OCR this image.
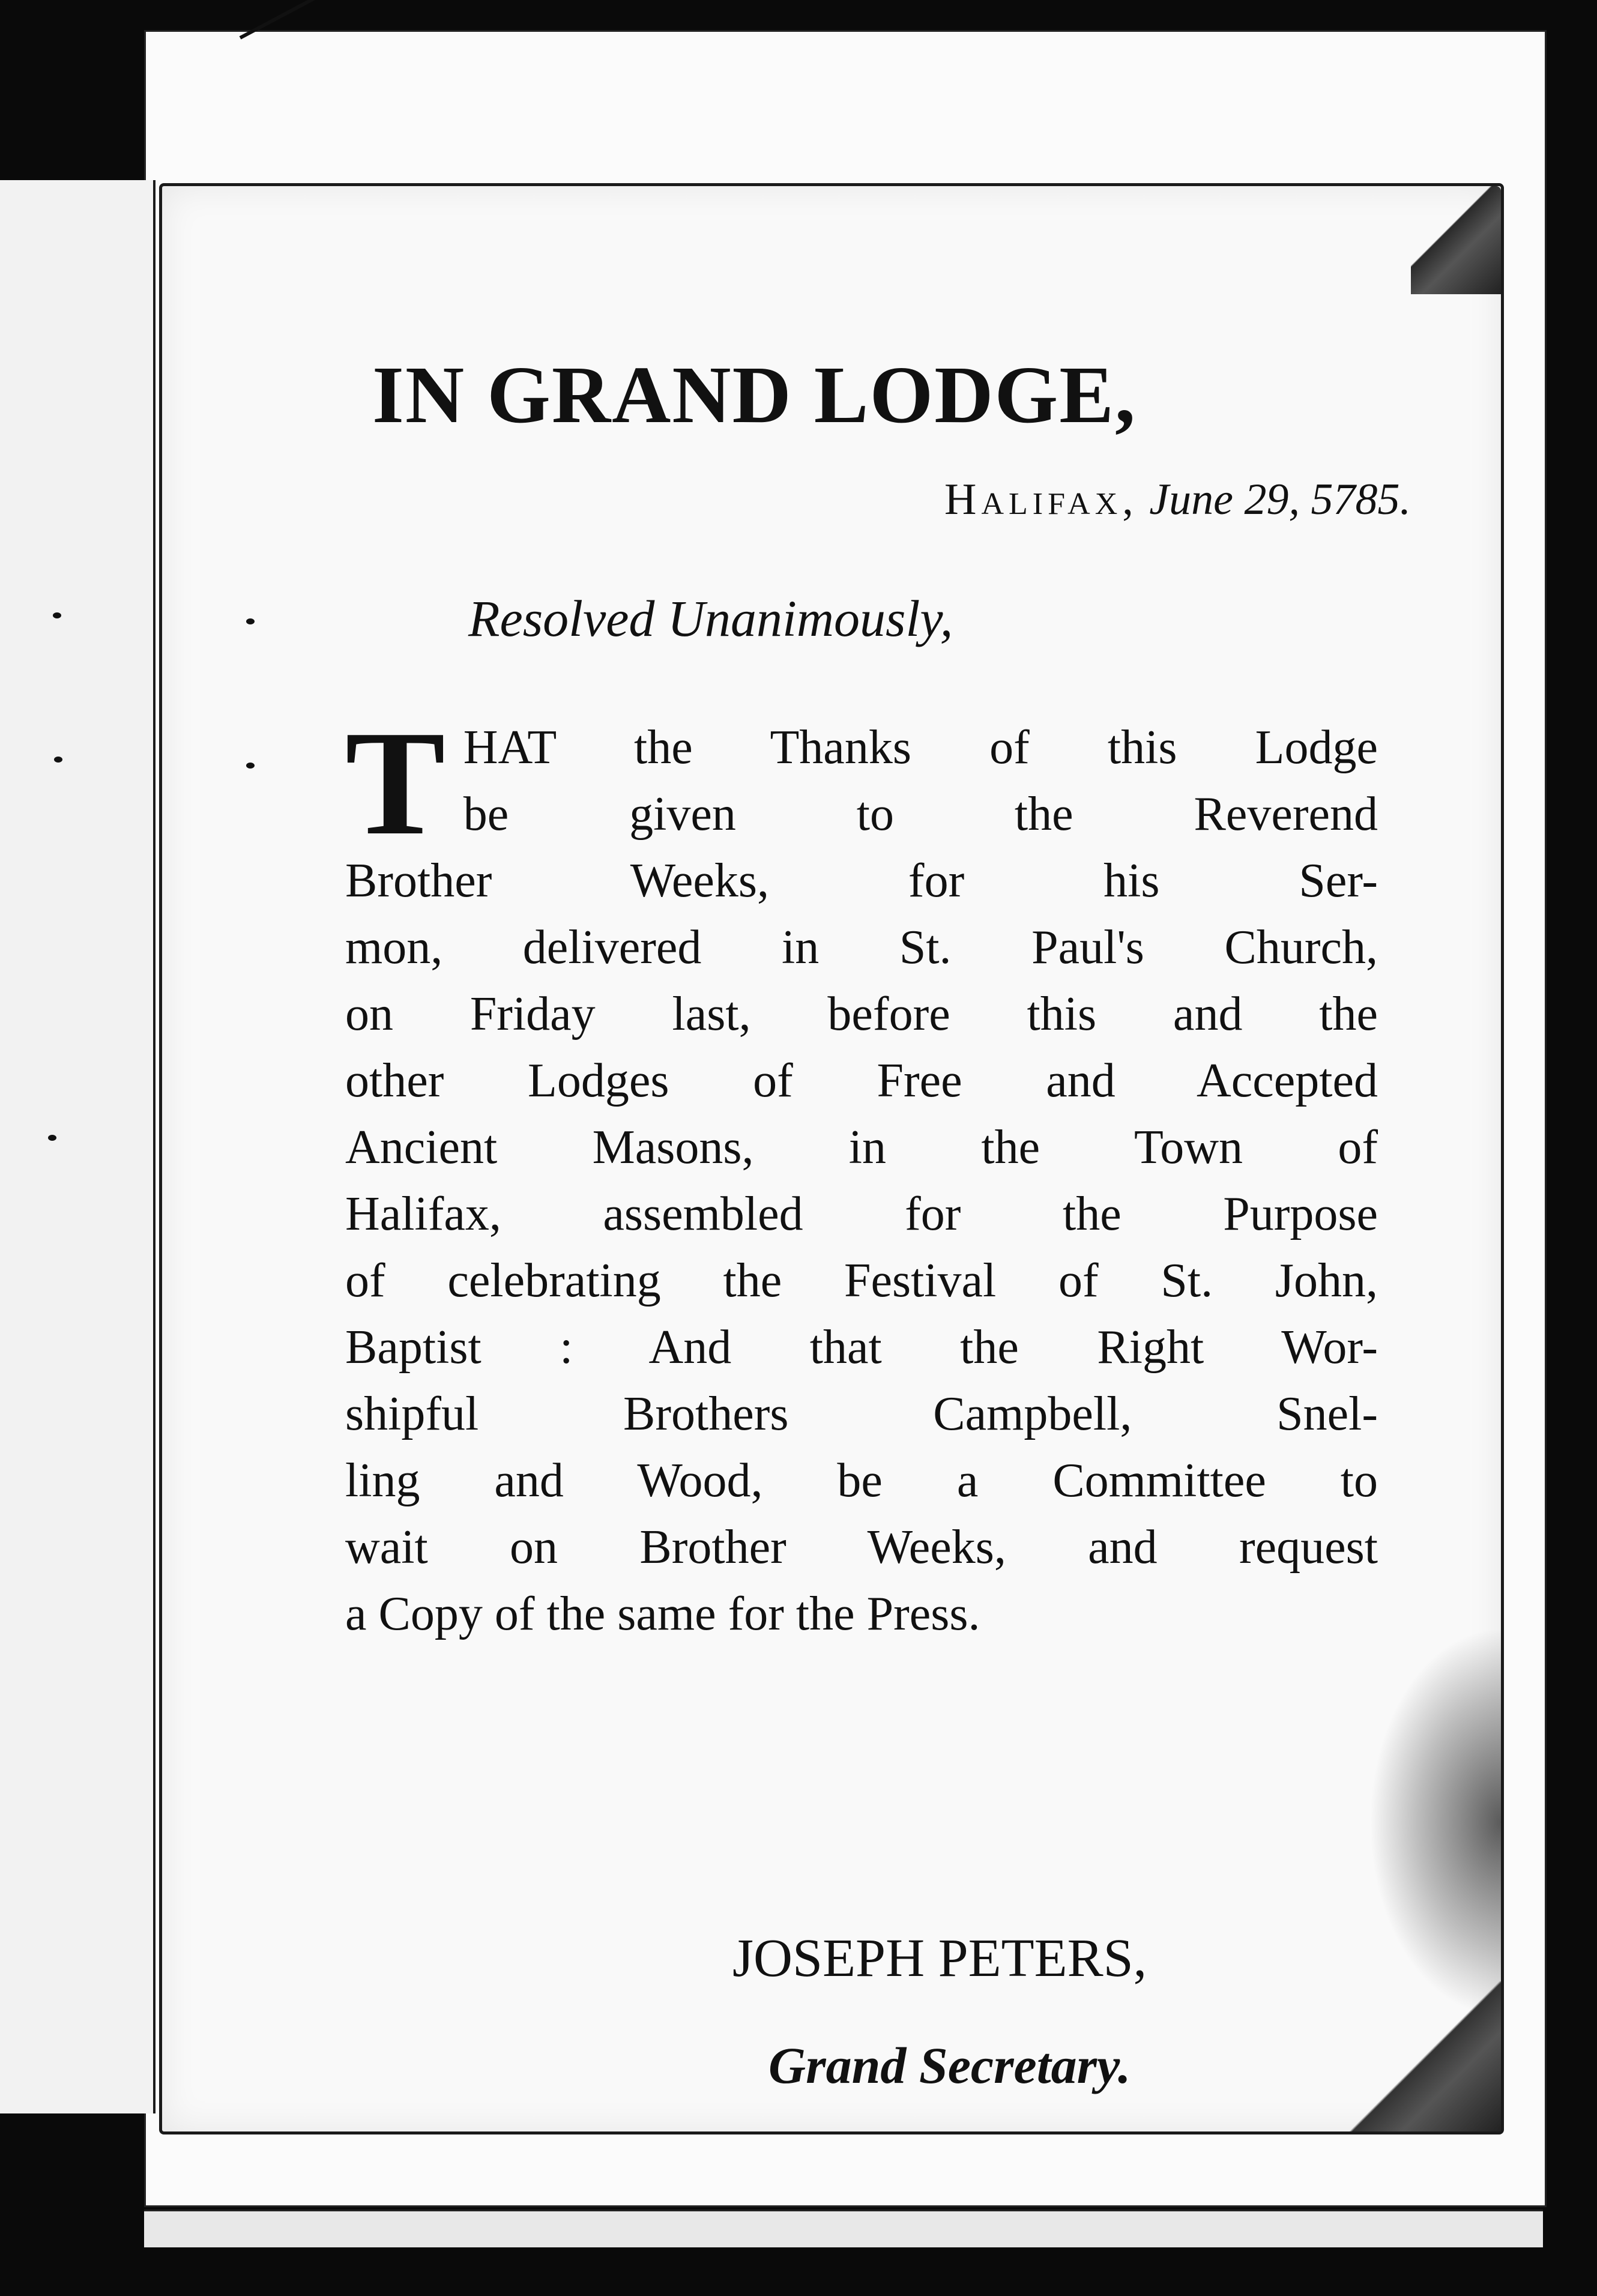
IN GRAND LODGE,
Halifax, June 29, 5785.
Resolved Unanimously,
T HAT the Thanks of this Lodge
be given to the Reverend
Brother Weeks, for his Ser-
mon, delivered in St. Paul's Church,
on Friday last, before this and the
other Lodges of Free and Accepted
Ancient Masons, in the Town of
Halifax, assembled for the Purpose
of celebrating the Festival of St. John,
Baptist : And that the Right Wor-
shipful Brothers Campbell, Snel-
ling and Wood, be a Committee to
wait on Brother Weeks, and request
a Copy of the same for the Press.
JOSEPH PETERS,
Grand Secretary.
